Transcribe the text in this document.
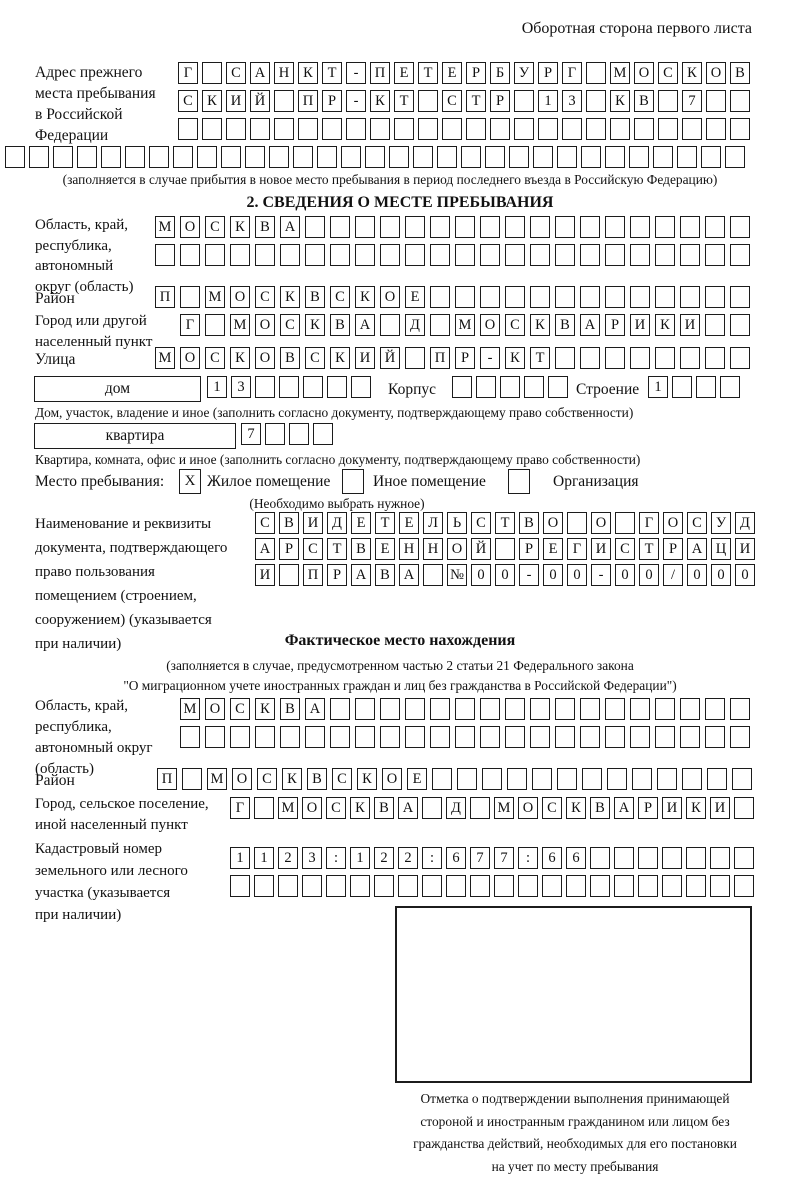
Оборотная сторона первого листа
Адрес прежнего
места пребывания
в Российской
Федерации
Г	С А Н К	Т	-	П Е	Т	Е	Р	Б	У	Р	Г	М О С К О В
С К И Й	П	Р	-	К	Т	С	Т	Р	1	3	К В	7
(заполняется в случае прибытия в новое место пребывания в период последнего въезда в Российскую Федерацию)
2. СВЕДЕНИЯ О МЕСТЕ ПРЕБЫВАНИЯ
Область, край,
республика,
автономный
округ (область)
М О	С	К	В	А
Район	П	М О	С	К	В	С	К	О	Е
Город или другой
населенный пункт
Г	М О	С	К	В	А	Д	М О	С	К	В	А	Р	И	К	И
Улица	М О	С	К	О	В	С	К	И	Й	П	Р	-	К	Т
дом	1	3	Корпус	Строение	1
Дом, участок, владение и иное (заполнить согласно документу, подтверждающему право собственности)
квартира	7
Квартира, комната, офис и иное (заполнить согласно документу, подтверждающему право собственности)
Место пребывания:	X Жилое помещение	Иное помещение	Организация
(Необходимо выбрать нужное)
Наименование и реквизиты
документа, подтверждающего
право пользования
помещением (строением,
сооружением) (указывается
при наличии)
С В И Д	Е	Т	Е	Л	Ь	С	Т	В О	О	Г	О С У Д
А	Р	С	Т	В	Е Н Н О Й	Р	Е	Г	И С	Т	Р	А Ц И
И	П	Р	А В А	№ 0	0	-	0	0	-	0	0	/	0	0	0
Фактическое место нахождения
(заполняется в случае, предусмотренном частью 2 статьи 21 Федерального закона
"О миграционном учете иностранных граждан и лиц без гражданства в Российской Федерации")
Область, край,
республика,
автономный округ
(область)
М О	С	К	В	А
Район	П	М О	С	К	В	С	К	О	Е
Город, сельское поселение,
иной населенный пункт
Г	М О С К В А	Д	М О С К В А	Р	И К И
Кадастровый номер
земельного или лесного
участка (указывается
при наличии)
1	1	2	3	:	1	2	2	:	6	7	7	:	6	6
Отметка о подтверждении выполнения принимающей
стороной и иностранным гражданином или лицом без
гражданства действий, необходимых для его постановки
на учет по месту пребывания
